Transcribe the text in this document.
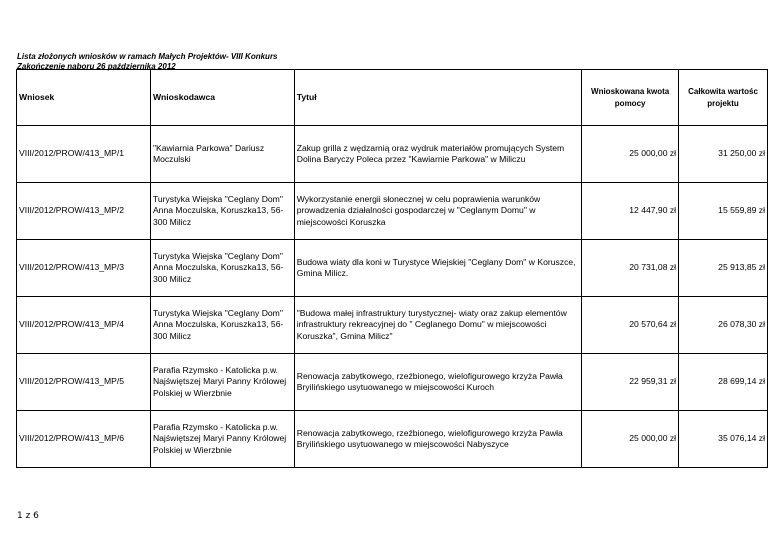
Lista złożonych wniosków w ramach Małych Projektów- VIII Konkurs
Zakończenie naboru 26 października 2012
Wniosek	Wnioskodawca	Tytuł	Wnioskowana kwota pomocy	Całkowita wartośc projektu
VIII/2012/PROW/413_MP/1	"Kawiarnia Parkowa" Dariusz Moczulski	Zakup grilla z wędzarnią oraz wydruk materiałów promujących System Dolina Baryczy Poleca przez "Kawiarnie Parkowa" w Miliczu	25 000,00 zł	31 250,00 zł
VIII/2012/PROW/413_MP/2	Turystyka Wiejska "Ceglany Dom" Anna Moczulska, Koruszka13, 56-300 Milicz	Wykorzystanie energii słonecznej w celu poprawienia warunków prowadzenia działalności gospodarczej w "Ceglanym Domu" w miejscowości Koruszka	12 447,90 zł	15 559,89 zł
VIII/2012/PROW/413_MP/3	Turystyka Wiejska "Ceglany Dom" Anna Moczulska, Koruszka13, 56-300 Milicz	Budowa wiaty dla koni w Turystyce Wiejskiej "Ceglany Dom" w Koruszce, Gmina Milicz.	20 731,08 zł	25 913,85 zł
VIII/2012/PROW/413_MP/4	Turystyka Wiejska "Ceglany Dom" Anna Moczulska, Koruszka13, 56-300 Milicz	"Budowa małej infrastruktury turystycznej- wiaty oraz zakup elementów infrastruktury rekreacyjnej do " Ceglanego Domu" w miejscowości Koruszka", Gmina Milicz"	20 570,64 zł	26 078,30 zł
VIII/2012/PROW/413_MP/5	Parafia Rzymsko - Katolicka p.w. Najświętszej Maryi Panny Królowej Polskiej w Wierzbnie	Renowacja zabytkowego, rzeźbionego, wielofigurowego krzyża Pawła Bryilińskiego usytuowanego w miejscowości Kuroch	22 959,31 zł	28 699,14 zł
VIII/2012/PROW/413_MP/6	Parafia Rzymsko - Katolicka p.w. Najświętszej Maryi Panny Królowej Polskiej w Wierzbnie	Renowacja zabytkowego, rzeźbionego, wielofigurowego krzyża Pawła Bryilińskiego usytuowanego w miejscowości Nabyszyce	25 000,00 zł	35 076,14 zł
1 z 6
